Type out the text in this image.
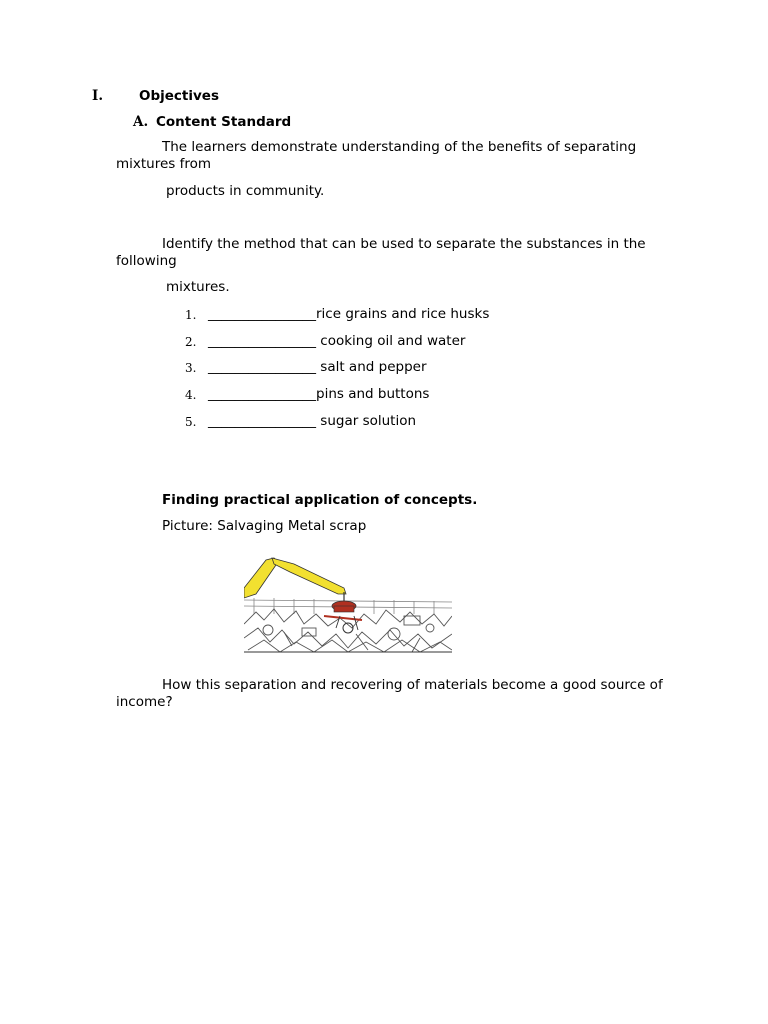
I.	Objectives
A. Content Standard
The learners demonstrate understanding of the benefits of separating mixtures from
products in community.
Identify the method that can be used to separate the substances in the following
mixtures.
1. ________________rice grains and rice husks
2. ________________ cooking oil and water
3. ________________ salt and pepper
4. ________________pins and buttons
5. ________________ sugar solution
Finding practical application of concepts.
Picture: Salvaging Metal scrap
How this separation and recovering of materials become a good source of income?
